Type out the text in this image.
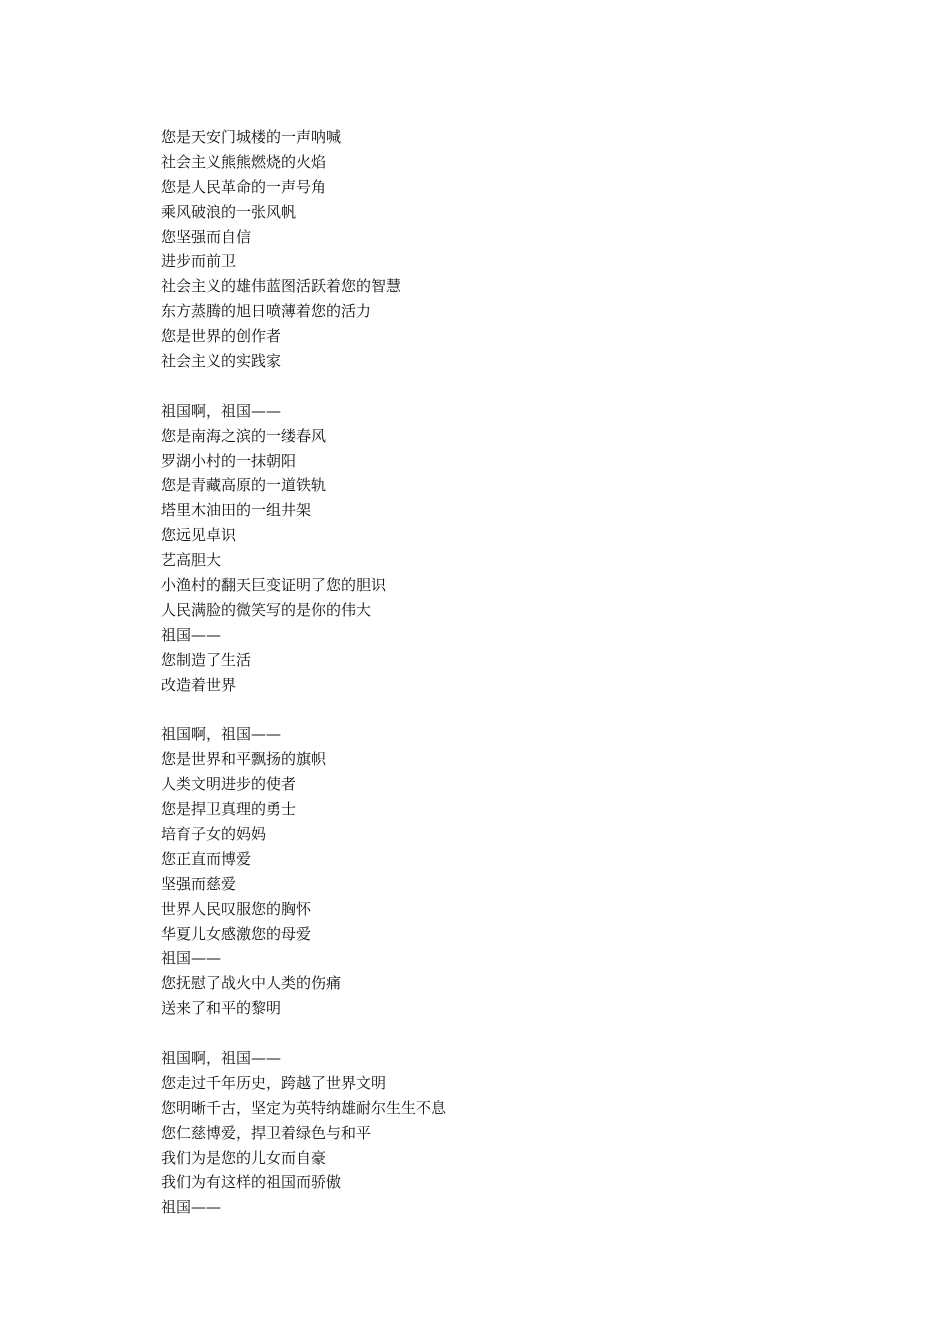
您是天安门城楼的一声呐喊
社会主义熊熊燃烧的火焰
您是人民革命的一声号角
乘风破浪的一张风帆
您坚强而自信
进步而前卫
社会主义的雄伟蓝图活跃着您的智慧
东方蒸腾的旭日喷薄着您的活力
您是世界的创作者
社会主义的实践家
祖国啊，祖国——
您是南海之滨的一缕春风
罗湖小村的一抹朝阳
您是青藏高原的一道铁轨
塔里木油田的一组井架
您远见卓识
艺高胆大
小渔村的翻天巨变证明了您的胆识
人民满脸的微笑写的是你的伟大
祖国——
您制造了生活
改造着世界
祖国啊，祖国——
您是世界和平飘扬的旗帜
人类文明进步的使者
您是捍卫真理的勇士
培育子女的妈妈
您正直而博爱
坚强而慈爱
世界人民叹服您的胸怀
华夏儿女感激您的母爱
祖国——
您抚慰了战火中人类的伤痛
送来了和平的黎明
祖国啊，祖国——
您走过千年历史，跨越了世界文明
您明晰千古，坚定为英特纳雄耐尔生生不息
您仁慈博爱，捍卫着绿色与和平
我们为是您的儿女而自豪
我们为有这样的祖国而骄傲
祖国——
